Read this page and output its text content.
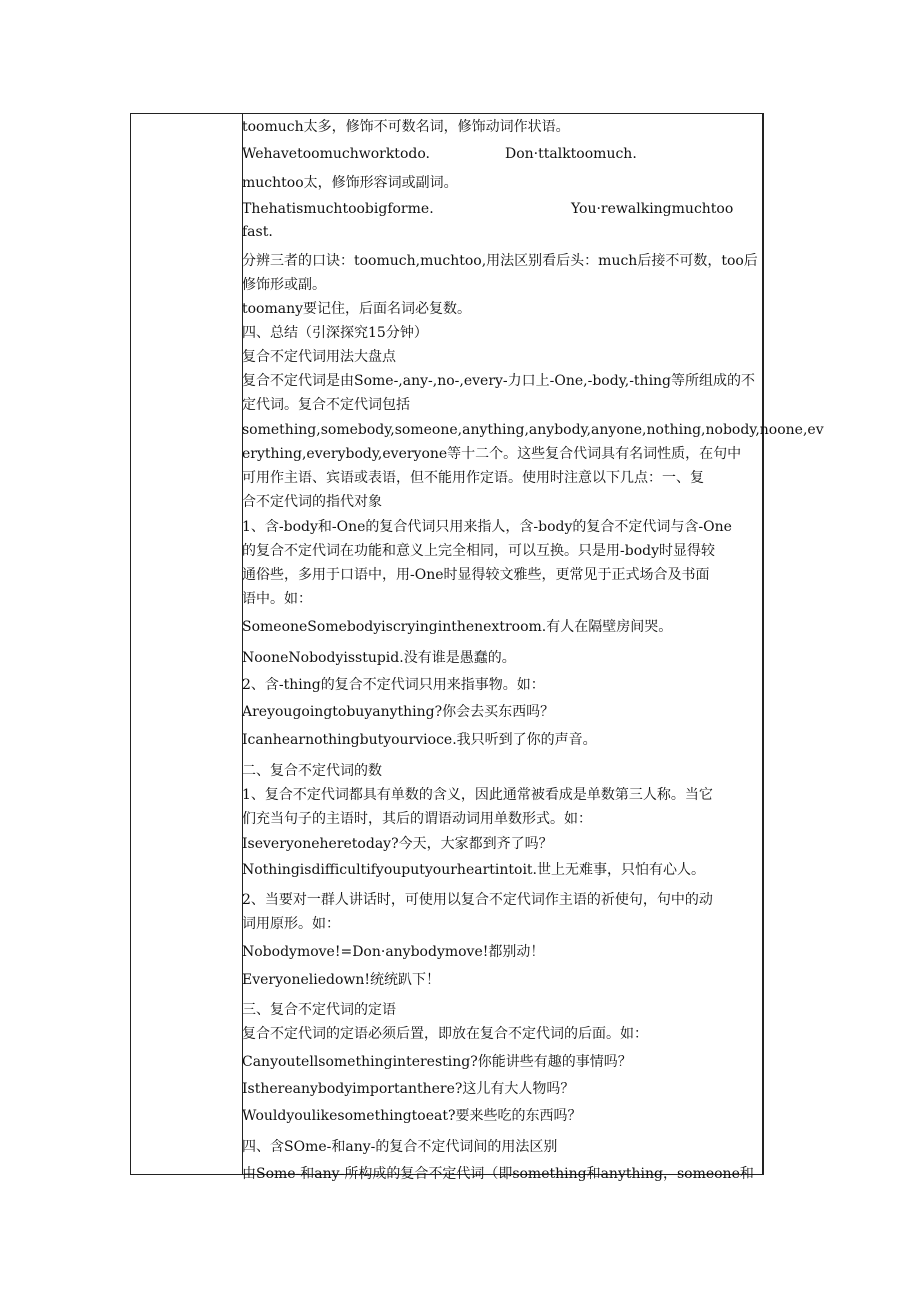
toomuch太多，修饰不可数名词，修饰动词作状语。
Wehavetoomuchworktodo.	Don·ttalktoomuch.
muchtoo太，修饰形容词或副词。
Thehatismuchtoobigforme.	You·rewalkingmuchtoo
fast.
分辨三者的口诀：toomuch,muchtoo,用法区别看后头：much后接不可数，too后
修饰形或副。
toomany要记住，后面名词必复数。
四、总结（引深探究15分钟）
复合不定代词用法大盘点
复合不定代词是由Some-,any-,no-,every-力口上-One,-body,-thing等所组成的不
定代词。复合不定代词包括
something,somebody,someone,anything,anybody,anyone,nothing,nobody,noone,ev
erything,everybody,everyone等十二个。这些复合代词具有名词性质，在句中
可用作主语、宾语或表语，但不能用作定语。使用时注意以下几点：一、复
合不定代词的指代对象
1、含-body和-One的复合代词只用来指人，含-body的复合不定代词与含-One
的复合不定代词在功能和意义上完全相同，可以互换。只是用-body时显得较
通俗些，多用于口语中，用-One时显得较文雅些，更常见于正式场合及书面
语中。如：
SomeoneSomebodyiscryinginthenextroom.有人在隔壁房间哭。
NooneNobodyisstupid.没有谁是愚蠢的。
2、含-thing的复合不定代词只用来指事物。如：
Areyougoingtobuyanything?你会去买东西吗？
Icanhearnothingbutyourvioce.我只听到了你的声音。
二、复合不定代词的数
1、复合不定代词都具有单数的含义，因此通常被看成是单数第三人称。当它
们充当句子的主语时，其后的谓语动词用单数形式。如：
Iseveryoneheretoday?今天，大家都到齐了吗？
Nothingisdifficultifyouputyourheartintoit.世上无难事，只怕有心人。
2、当要对一群人讲话时，可使用以复合不定代词作主语的祈使句，句中的动
词用原形。如：
Nobodymove!=Don·anybodymove!都别动！
Everyoneliedown!统统趴下！
三、复合不定代词的定语
复合不定代词的定语必须后置，即放在复合不定代词的后面。如：
Canyoutellsomethinginteresting?你能讲些有趣的事情吗？
Isthereanybodyimportanthere?这儿有大人物吗？
Wouldyoulikesomethingtoeat?要来些吃的东西吗？
四、含SOme-和any-的复合不定代词间的用法区别
由Some-和any-所构成的复合不定代词（即something和anything，someone和
